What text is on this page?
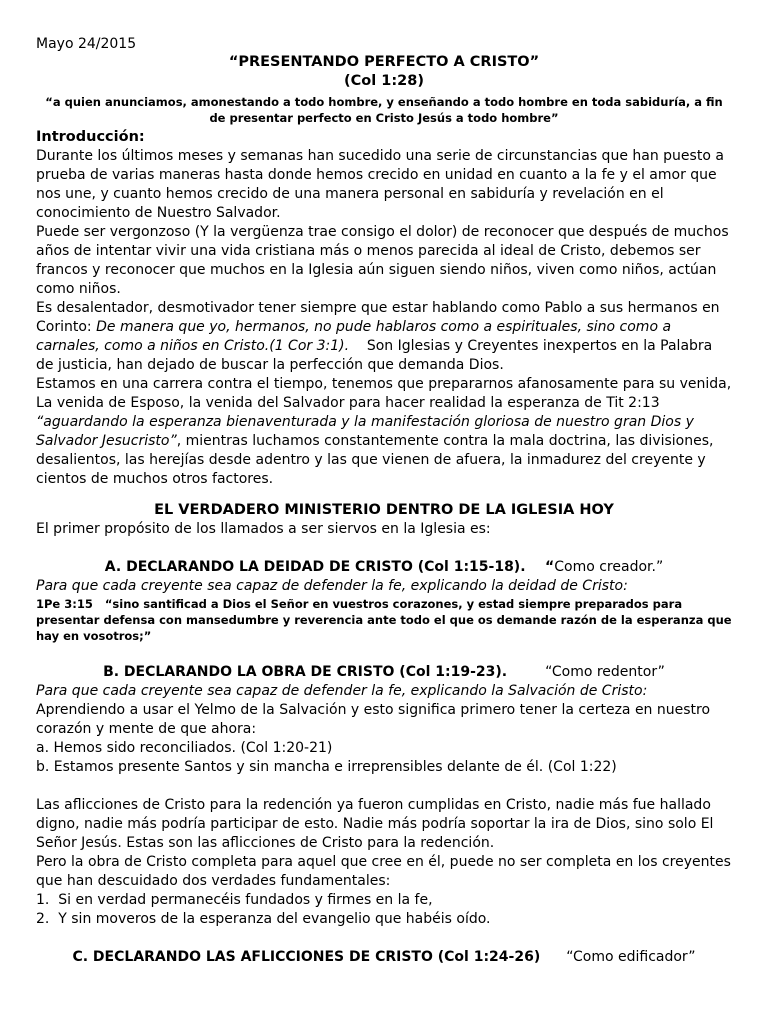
Mayo 24/2015
“PRESENTANDO PERFECTO A CRISTO”
(Col 1:28)
“a quien anunciamos, amonestando a todo hombre, y enseñando a todo hombre en toda sabiduría, a fin de presentar perfecto en Cristo Jesús a todo hombre”
Introducción:

Durante los últimos meses y semanas han sucedido una serie de circunstancias que han puesto a prueba de varias maneras hasta donde hemos crecido en unidad en cuanto a la fe y el amor que nos une, y cuanto hemos crecido de una manera personal en sabiduría y revelación en el conocimiento de Nuestro Salvador.

Puede ser vergonzoso (Y la vergüenza trae consigo el dolor) de reconocer que después de muchos años de intentar vivir una vida cristiana más o menos parecida al ideal de Cristo, debemos ser francos y reconocer que muchos en la Iglesia aún siguen siendo niños, viven como niños, actúan como niños.

Es desalentador, desmotivador tener siempre que estar hablando como Pablo a sus hermanos en Corinto: De manera que yo, hermanos, no pude hablaros como a espirituales, sino como a carnales, como a niños en Cristo.(1 Cor 3:1).    Son Iglesias y Creyentes inexpertos en la Palabra de justicia, han dejado de buscar la perfección que demanda Dios.

Estamos en una carrera contra el tiempo, tenemos que prepararnos afanosamente para su venida, La venida de Esposo, la venida del Salvador para hacer realidad la esperanza de Tit 2:13 “aguardando la esperanza bienaventurada y la manifestación gloriosa de nuestro gran Dios y Salvador Jesucristo”, mientras luchamos constantemente contra la mala doctrina, las divisiones, desalientos, las herejías desde adentro y las que vienen de afuera, la inmadurez del creyente y cientos de muchos otros factores.

EL VERDADERO MINISTERIO DENTRO DE LA IGLESIA HOY

El primer propósito de los llamados a ser siervos en la Iglesia es:

A. DECLARANDO LA DEIDAD DE CRISTO (Col 1:15-18).    “Como creador.”

Para que cada creyente sea capaz de defender la fe, explicando la deidad de Cristo:

1Pe 3:15   “sino santificad a Dios el Señor en vuestros corazones, y estad siempre preparados para presentar defensa con mansedumbre y reverencia ante todo el que os demande razón de la esperanza que hay en vosotros;”
B. DECLARANDO LA OBRA DE CRISTO (Col 1:19-23).	“Como redentor”

Para que cada creyente sea capaz de defender la fe, explicando la Salvación de Cristo:

Aprendiendo a usar el Yelmo de la Salvación y esto significa primero tener la certeza en nuestro corazón y mente de que ahora:

a. Hemos sido reconciliados. (Col 1:20-21)

b. Estamos presente Santos y sin mancha e irreprensibles delante de él. (Col 1:22)

Las aflicciones de Cristo para la redención ya fueron cumplidas en Cristo, nadie más fue hallado digno, nadie más podría participar de esto. Nadie más podría soportar la ira de Dios, sino solo El Señor Jesús. Estas son las aflicciones de Cristo para la redención.

Pero la obra de Cristo completa para aquel que cree en él, puede no ser completa en los creyentes que han descuidado dos verdades fundamentales:

1.  Si en verdad permanecéis fundados y firmes en la fe,

2.  Y sin moveros de la esperanza del evangelio que habéis oído.

C. DECLARANDO LAS AFLICCIONES DE CRISTO (Col 1:24-26) “Como edificador”
